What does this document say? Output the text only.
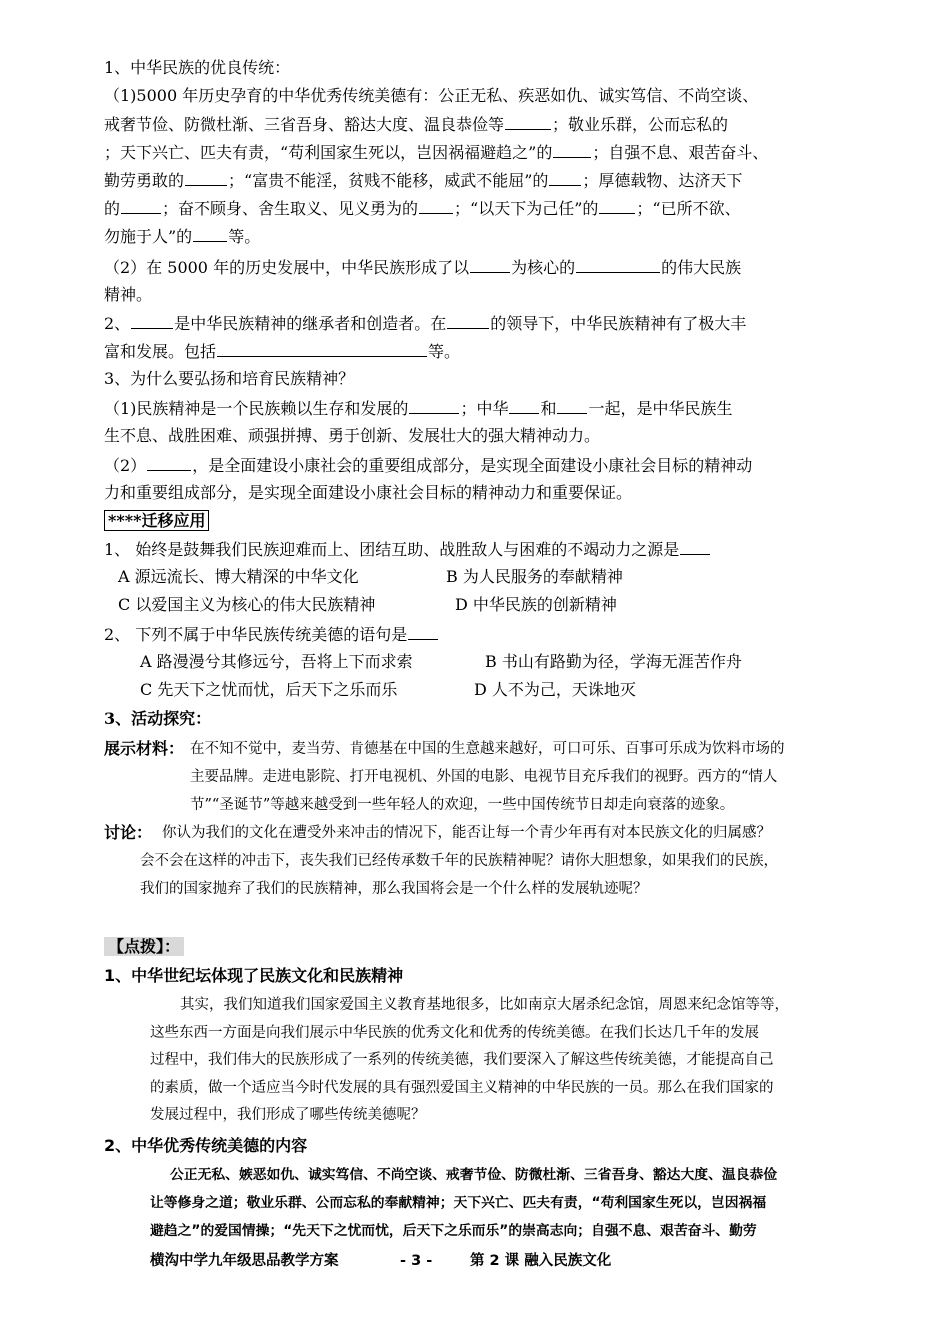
1、中华民族的优良传统：
（1)5000 年历史孕育的中华优秀传统美德有：公正无私、疾恶如仇、诚实笃信、不尚空谈、
戒奢节俭、防微杜渐、三省吾身、豁达大度、温良恭俭等	；敬业乐群，公而忘私的
；天下兴亡、匹夫有责，“苟利国家生死以，岂因祸福避趋之”的	；自强不息、艰苦奋斗、
勤劳勇敢的	；“富贵不能淫，贫贱不能移，威武不能屈”的 ；厚德载物、达济天下
的	；奋不顾身、舍生取义、见义勇为的 ；“以天下为己任”的 ；“已所不欲、
勿施于人”的 等。
（2）在 5000 年的历史发展中，中华民族形成了以	为核心的	的伟大民族
精神。
2、	是中华民族精神的继承者和创造者。在	的领导下，中华民族精神有了极大丰
富和发展。包括	等。
3、为什么要弘扬和培育民族精神？
（1)民族精神是一个民族赖以生存和发展的	；中华 和 一起，是中华民族生
生不息、战胜困难、顽强拼搏、勇于创新、发展壮大的强大精神动力。
（2）	，是全面建设小康社会的重要组成部分，是实现全面建设小康社会目标的精神动
力和重要组成部分，是实现全面建设小康社会目标的精神动力和重要保证。
****迁移应用
1、 始终是鼓舞我们民族迎难而上、团结互助、战胜敌人与困难的不竭动力之源是
A 源远流长、博大精深的中华文化	B 为人民服务的奉献精神
C 以爱国主义为核心的伟大民族精神	D 中华民族的创新精神
2、 下列不属于中华民族传统美德的语句是
A 路漫漫兮其修远兮，吾将上下而求索	B 书山有路勤为径，学海无涯苦作舟
C 先天下之忧而忧，后天下之乐而乐	D 人不为己，天诛地灭
3、活动探究：
展示材料： 在不知不觉中，麦当劳、肯德基在中国的生意越来越好，可口可乐、百事可乐成为饮料市场的
主要品牌。走进电影院、打开电视机、外国的电影、电视节目充斥我们的视野。西方的“情人
节”“圣诞节”等越来越受到一些年轻人的欢迎，一些中国传统节日却走向衰落的迹象。
讨论： 你认为我们的文化在遭受外来冲击的情况下，能否让每一个青少年再有对本民族文化的归属感？
会不会在这样的冲击下，丧失我们已经传承数千年的民族精神呢？请你大胆想象，如果我们的民族，
我们的国家抛弃了我们的民族精神，那么我国将会是一个什么样的发展轨迹呢？
【点拨】：
1、中华世纪坛体现了民族文化和民族精神
其实，我们知道我们国家爱国主义教育基地很多，比如南京大屠杀纪念馆，周恩来纪念馆等等，
这些东西一方面是向我们展示中华民族的优秀文化和优秀的传统美德。在我们长达几千年的发展
过程中，我们伟大的民族形成了一系列的传统美德，我们要深入了解这些传统美德，才能提高自己
的素质，做一个适应当今时代发展的具有强烈爱国主义精神的中华民族的一员。那么在我们国家的
发展过程中，我们形成了哪些传统美德呢？
2、中华优秀传统美德的内容
公正无私、嫉恶如仇、诚实笃信、不尚空谈、戒奢节俭、防微杜渐、三省吾身、豁达大度、温良恭俭
让等修身之道；敬业乐群、公而忘私的奉献精神；天下兴亡、匹夫有责，“苟利国家生死以，岂因祸福
避趋之”的爱国情操；“先天下之忧而忧，后天下之乐而乐”的崇高志向；自强不息、艰苦奋斗、勤劳
横沟中学九年级思品教学方案	- 3 -	第 2 课 融入民族文化
